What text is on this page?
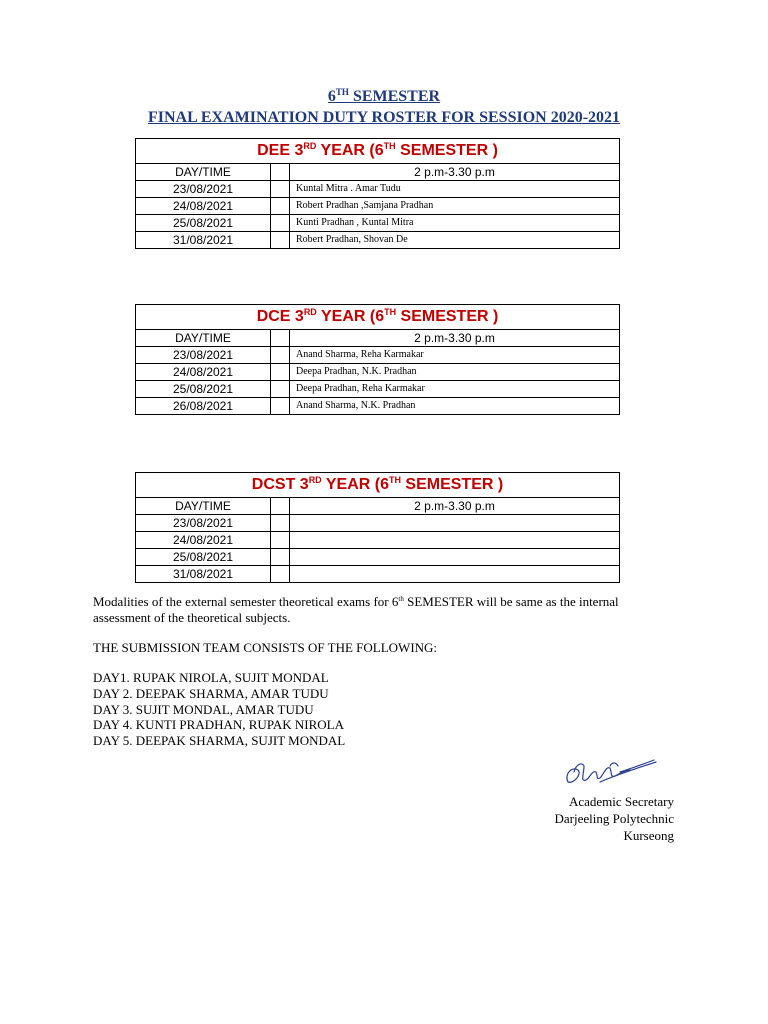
6TH SEMESTER
FINAL EXAMINATION DUTY ROSTER FOR SESSION 2020-2021
DEE 3RD YEAR (6TH SEMESTER )		
DAY/TIME		2 p.m-3.30 p.m
23/08/2021		Kuntal Mitra . Amar Tudu
24/08/2021		Robert Pradhan ,Samjana Pradhan
25/08/2021		Kunti Pradhan , Kuntal Mitra
31/08/2021		Robert Pradhan, Shovan De
DCE 3RD YEAR (6TH SEMESTER )		
DAY/TIME		2 p.m-3.30 p.m
23/08/2021		Anand Sharma, Reha Karmakar
24/08/2021		Deepa Pradhan, N.K. Pradhan
25/08/2021		Deepa Pradhan, Reha Karmakar
26/08/2021		Anand Sharma, N.K. Pradhan
DCST 3RD YEAR (6TH SEMESTER )		
DAY/TIME		2 p.m-3.30 p.m
23/08/2021		
24/08/2021		
25/08/2021		
31/08/2021		
Modalities of the external semester theoretical exams for 6th SEMESTER will be same as the internal
assessment of the theoretical subjects.
THE SUBMISSION TEAM CONSISTS OF THE FOLLOWING:
DAY1. RUPAK NIROLA, SUJIT MONDAL
DAY 2. DEEPAK SHARMA, AMAR TUDU
DAY 3. SUJIT MONDAL, AMAR TUDU
DAY 4. KUNTI PRADHAN, RUPAK NIROLA
DAY 5. DEEPAK SHARMA, SUJIT MONDAL
Academic Secretary
Darjeeling Polytechnic
Kurseong
